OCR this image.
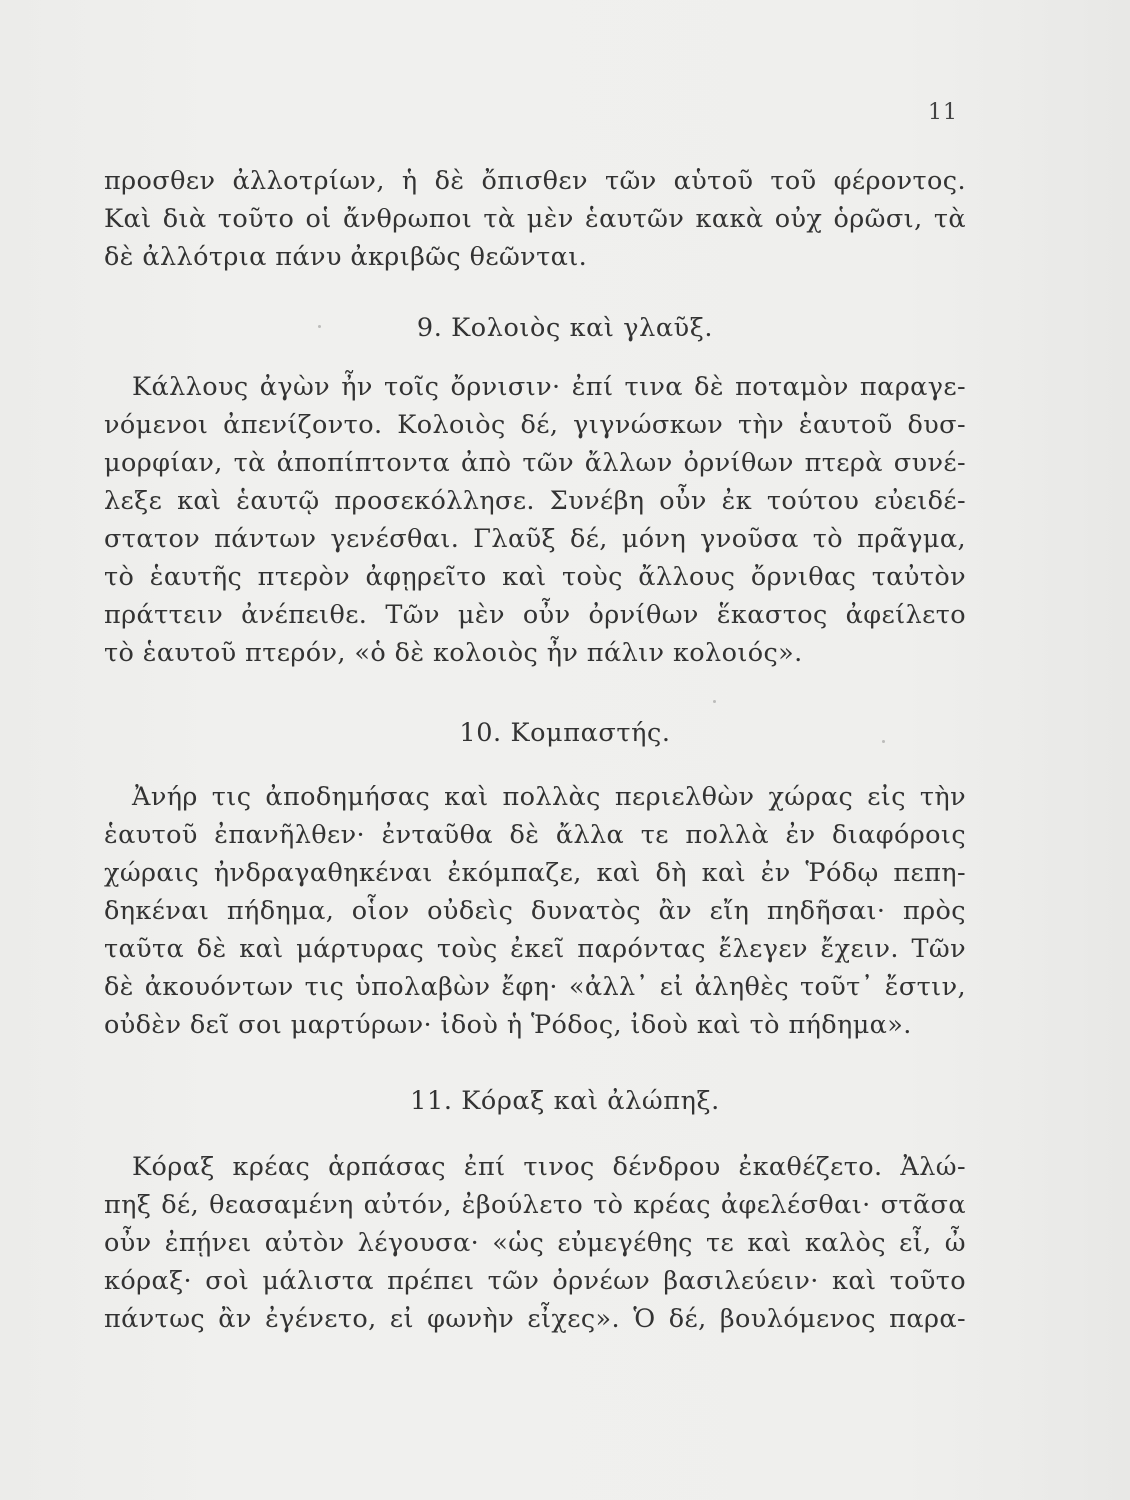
11
προσθεν ἀλλοτρίων, ἡ δὲ ὄπισθεν τῶν αὑτοῦ τοῦ φέροντος.
Καὶ διὰ τοῦτο οἱ ἄνθρωποι τὰ μὲν ἑαυτῶν κακὰ οὐχ ὁρῶσι, τὰ
δὲ ἀλλότρια πάνυ ἀκριβῶς θεῶνται.
9. Κολοιὸς καὶ γλαῦξ.
Κάλλους ἀγὼν ἦν τοῖς ὄρνισιν· ἐπί τινα δὲ ποταμὸν παραγε-
νόμενοι ἀπενίζοντο. Κολοιὸς δέ, γιγνώσκων τὴν ἑαυτοῦ δυσ-
μορφίαν, τὰ ἀποπίπτοντα ἀπὸ τῶν ἄλλων ὀρνίθων πτερὰ συνέ-
λεξε καὶ ἑαυτῷ προσεκόλλησε. Συνέβη οὖν ἐκ τούτου εὐειδέ-
στατον πάντων γενέσθαι. Γλαῦξ δέ, μόνη γνοῦσα τὸ πρᾶγμα,
τὸ ἑαυτῆς πτερὸν ἀφῃρεῖτο καὶ τοὺς ἄλλους ὄρνιθας ταὐτὸν
πράττειν ἀνέπειθε. Τῶν μὲν οὖν ὀρνίθων ἕκαστος ἀφείλετο
τὸ ἑαυτοῦ πτερόν, «ὁ δὲ κολοιὸς ἦν πάλιν κολοιός».
10. Κομπαστής.
Ἀνήρ τις ἀποδημήσας καὶ πολλὰς περιελθὼν χώρας εἰς τὴν
ἑαυτοῦ ἐπανῆλθεν· ἐνταῦθα δὲ ἄλλα τε πολλὰ ἐν διαφόροις
χώραις ἠνδραγαθηκέναι ἐκόμπαζε, καὶ δὴ καὶ ἐν Ῥόδῳ πεπη-
δηκέναι πήδημα, οἷον οὐδεὶς δυνατὸς ἂν εἴη πηδῆσαι· πρὸς
ταῦτα δὲ καὶ μάρτυρας τοὺς ἐκεῖ παρόντας ἔλεγεν ἔχειν. Τῶν
δὲ ἀκουόντων τις ὑπολαβὼν ἔφη· «ἀλλ᾽ εἰ ἀληθὲς τοῦτ᾽ ἔστιν,
οὐδὲν δεῖ σοι μαρτύρων· ἰδοὺ ἡ Ῥόδος, ἰδοὺ καὶ τὸ πήδημα».
11. Κόραξ καὶ ἀλώπηξ.
Κόραξ κρέας ἁρπάσας ἐπί τινος δένδρου ἐκαθέζετο. Ἀλώ-
πηξ δέ, θεασαμένη αὐτόν, ἐβούλετο τὸ κρέας ἀφελέσθαι· στᾶσα
οὖν ἐπῄνει αὐτὸν λέγουσα· «ὡς εὐμεγέθης τε καὶ καλὸς εἶ, ὦ
κόραξ· σοὶ μάλιστα πρέπει τῶν ὀρνέων βασιλεύειν· καὶ τοῦτο
πάντως ἂν ἐγένετο, εἰ φωνὴν εἶχες». Ὁ δέ, βουλόμενος παρα-
